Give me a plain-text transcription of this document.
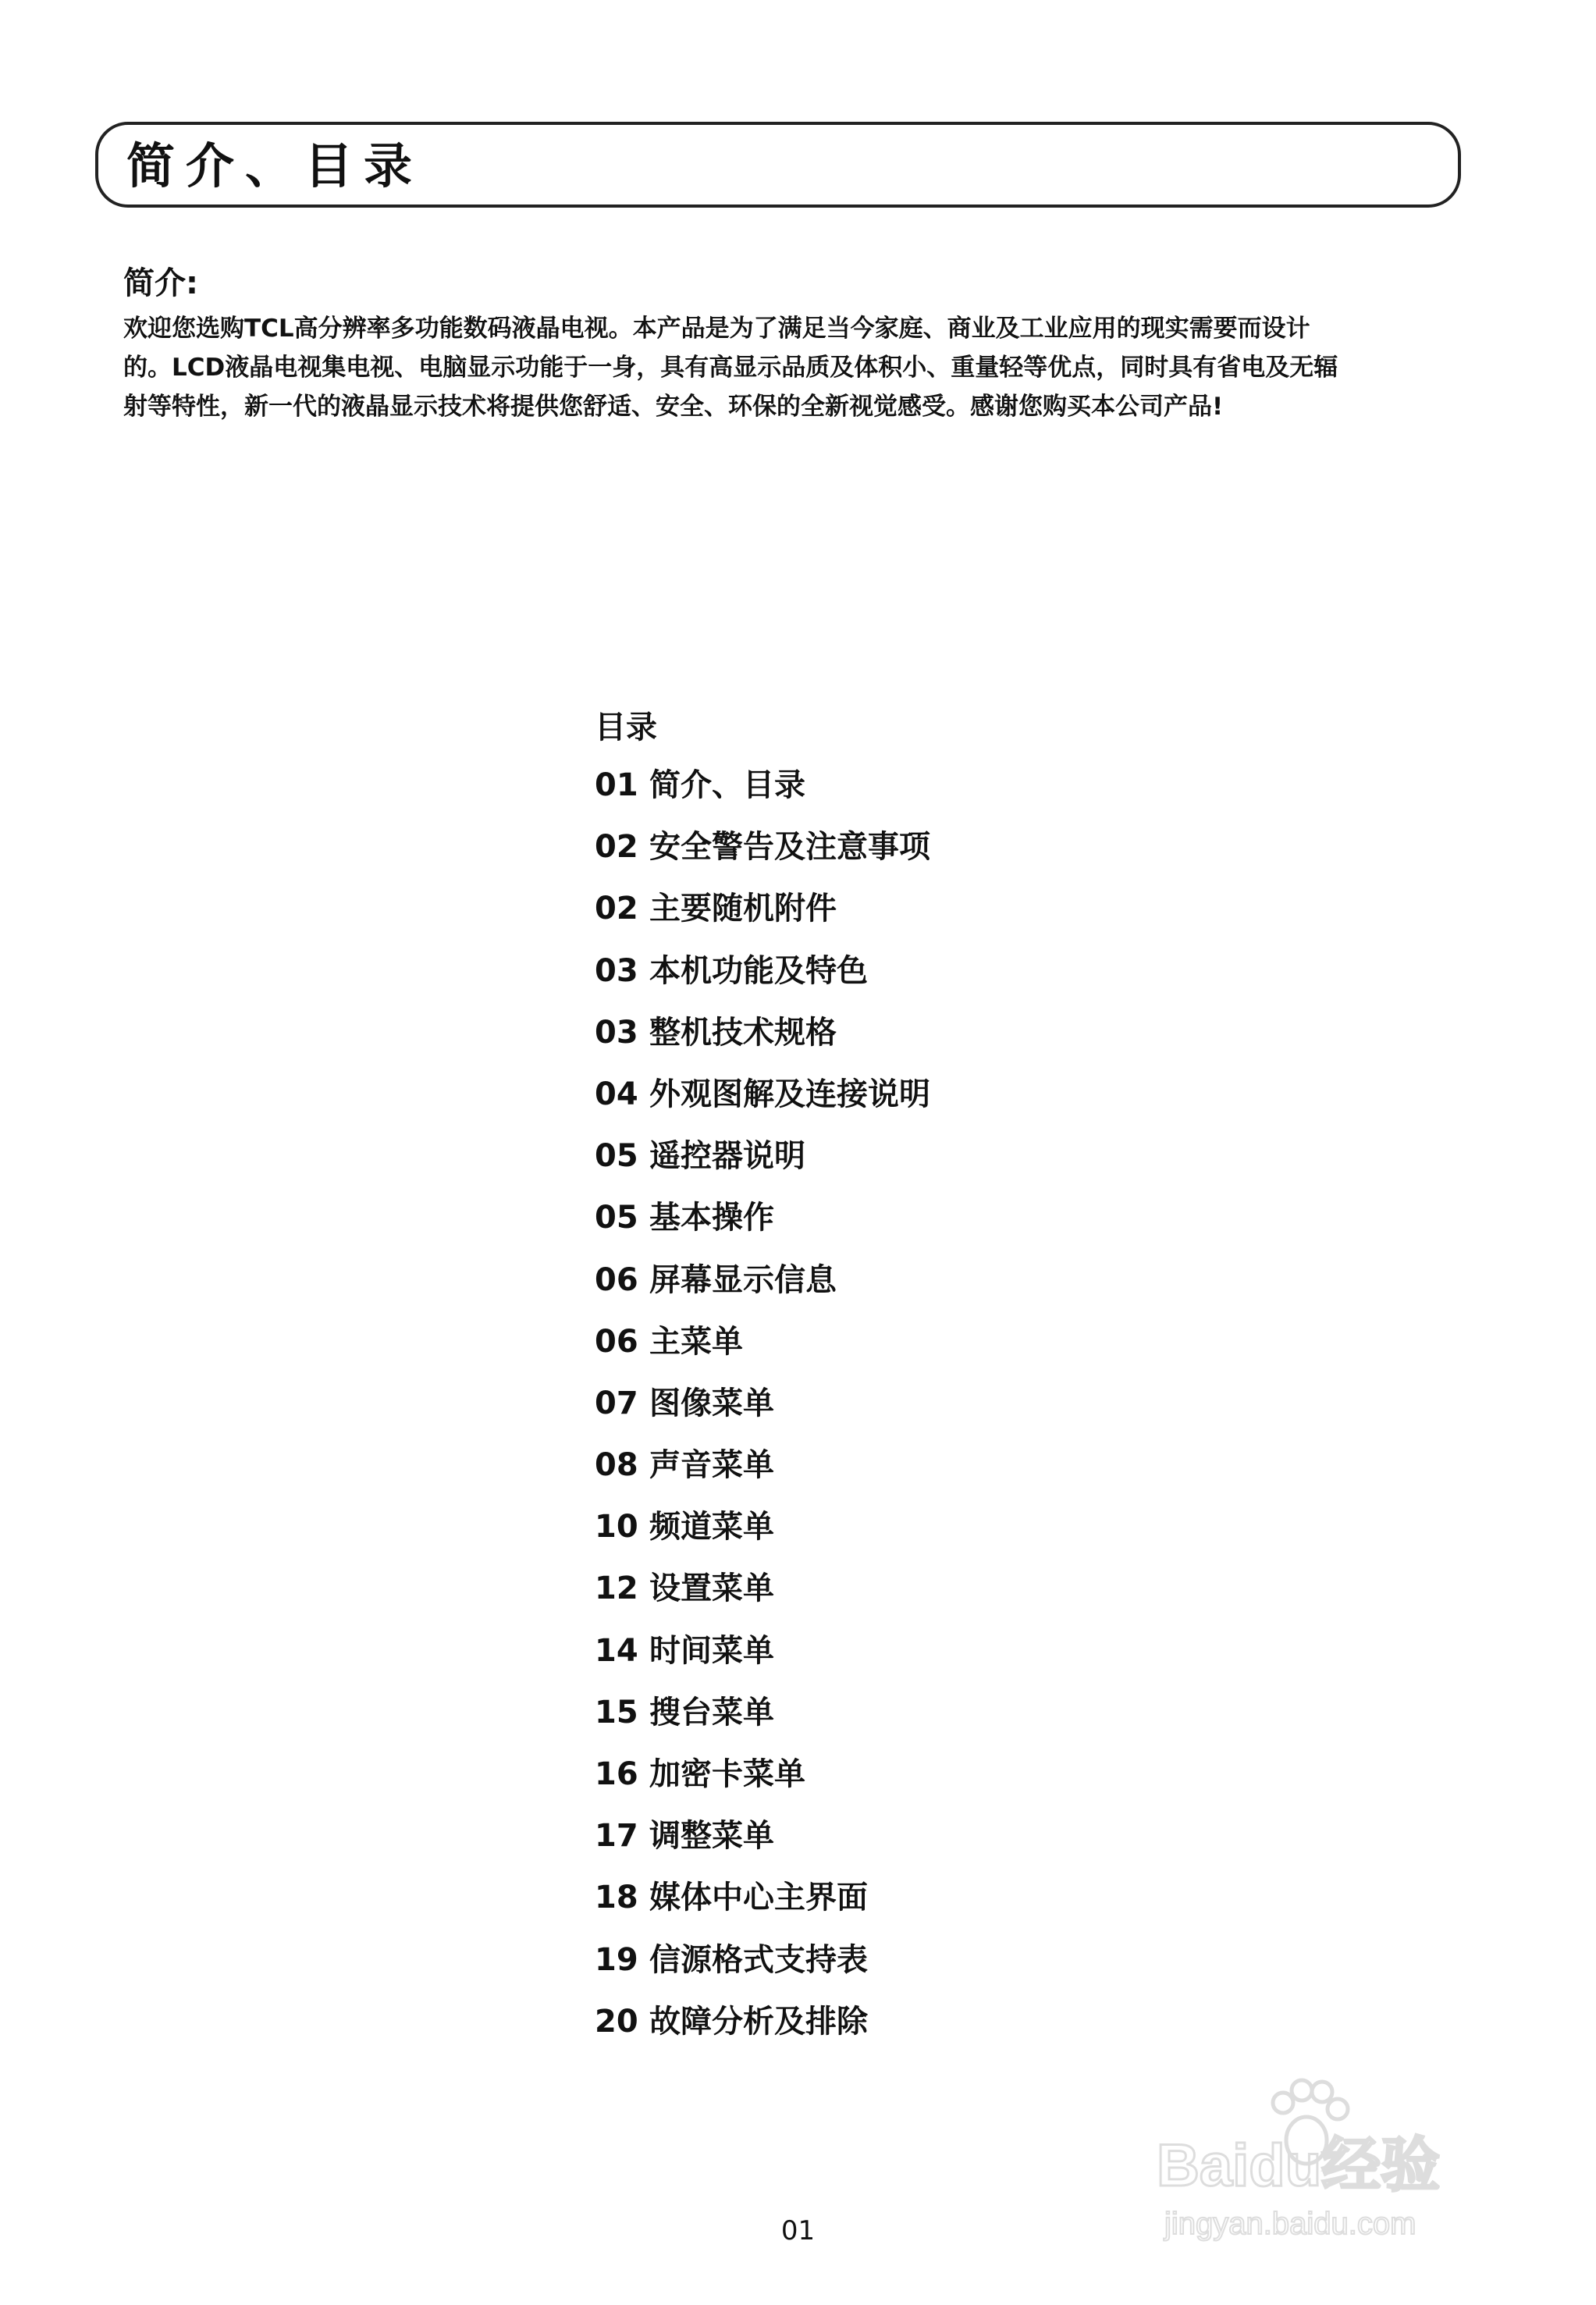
简介、目录
简介:

欢迎您选购TCL高分辨率多功能数码液晶电视。本产品是为了满足当今家庭、商业及工业应用的现实需要而设计
的。LCD液晶电视集电视、电脑显示功能于一身，具有高显示品质及体积小、重量轻等优点，同时具有省电及无辐
射等特性，新一代的液晶显示技术将提供您舒适、安全、环保的全新视觉感受。感谢您购买本公司产品!

目录
01 简介、目录
02 安全警告及注意事项
02 主要随机附件
03 本机功能及特色
03 整机技术规格
04 外观图解及连接说明
05 遥控器说明
05 基本操作
06 屏幕显示信息
06 主菜单
07 图像菜单
08 声音菜单
10 频道菜单
12 设置菜单
14 时间菜单
15 搜台菜单
16 加密卡菜单
17 调整菜单
18 媒体中心主界面
19 信源格式支持表
20 故障分析及排除
01
Baidu经验
jingyan.baidu.com
